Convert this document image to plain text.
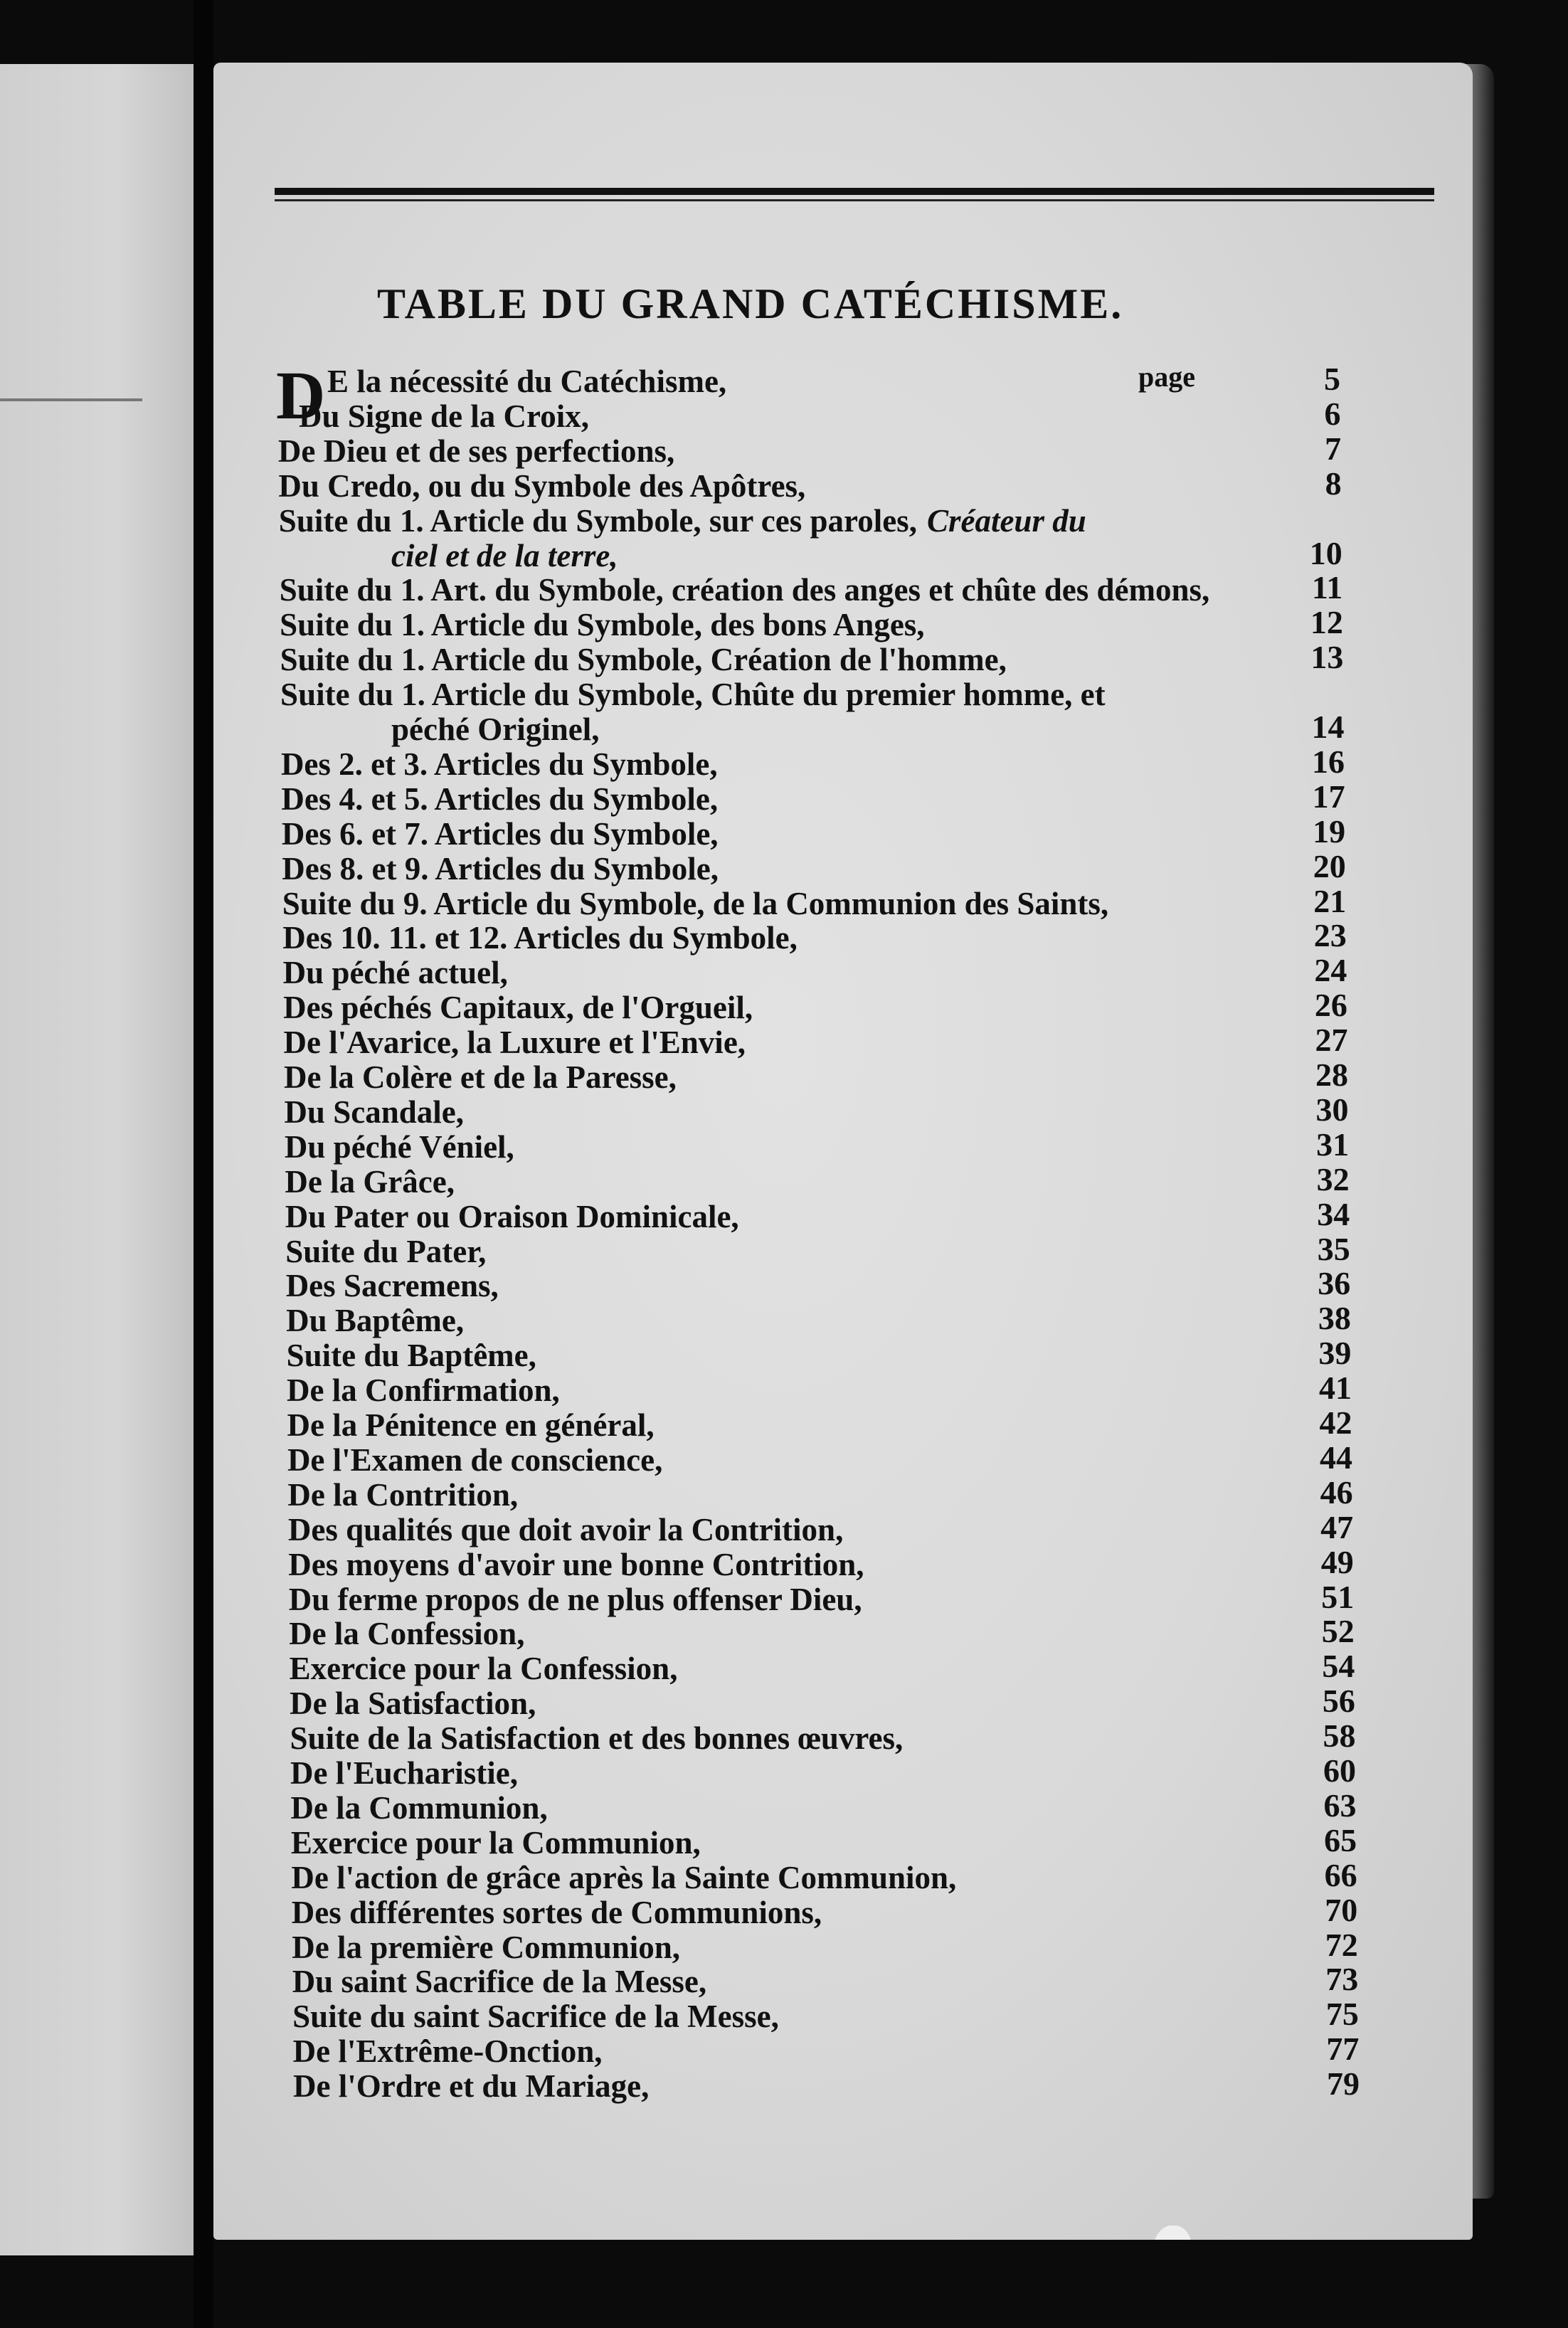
TABLE DU GRAND CATÉCHISME.
page
D E la nécessité du Catéchisme,	5
Du Signe de la Croix,	6
De Dieu et de ses perfections,	7
Du Credo, ou du Symbole des Apôtres,	8
Suite du 1. Article du Symbole, sur ces paroles, Créateur du
ciel et de la terre,	10
Suite du 1. Art. du Symbole, création des anges et chûte des démons,	11
Suite du 1. Article du Symbole, des bons Anges,	12
Suite du 1. Article du Symbole, Création de l'homme,	13
Suite du 1. Article du Symbole, Chûte du premier homme, et
péché Originel,	14
Des 2. et 3. Articles du Symbole,	16
Des 4. et 5. Articles du Symbole,	17
Des 6. et 7. Articles du Symbole,	19
Des 8. et 9. Articles du Symbole,	20
Suite du 9. Article du Symbole, de la Communion des Saints,	21
Des 10. 11. et 12. Articles du Symbole,	23
Du péché actuel,	24
Des péchés Capitaux, de l'Orgueil,	26
De l'Avarice, la Luxure et l'Envie,	27
De la Colère et de la Paresse,	28
Du Scandale,	30
Du péché Véniel,	31
De la Grâce,	32
Du Pater ou Oraison Dominicale,	34
Suite du Pater,	35
Des Sacremens,	36
Du Baptême,	38
Suite du Baptême,	39
De la Confirmation,	41
De la Pénitence en général,	42
De l'Examen de conscience,	44
De la Contrition,	46
Des qualités que doit avoir la Contrition,	47
Des moyens d'avoir une bonne Contrition,	49
Du ferme propos de ne plus offenser Dieu,	51
De la Confession,	52
Exercice pour la Confession,	54
De la Satisfaction,	56
Suite de la Satisfaction et des bonnes œuvres,	58
De l'Eucharistie,	60
De la Communion,	63
Exercice pour la Communion,	65
De l'action de grâce après la Sainte Communion,	66
Des différentes sortes de Communions,	70
De la première Communion,	72
Du saint Sacrifice de la Messe,	73
Suite du saint Sacrifice de la Messe,	75
De l'Extrême-Onction,	77
De l'Ordre et du Mariage,	79
